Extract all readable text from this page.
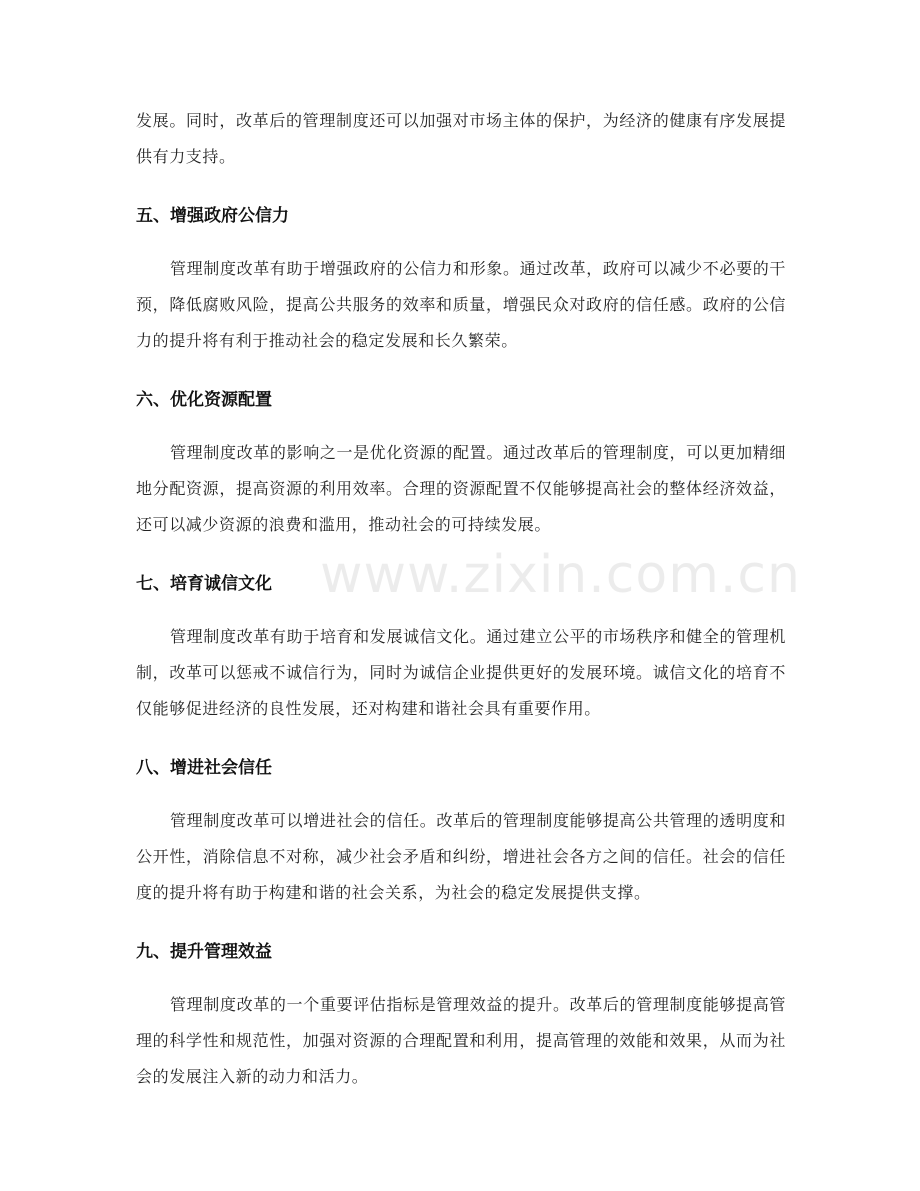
发展。同时，改革后的管理制度还可以加强对市场主体的保护，为经济的健康有序发展提供有力支持。

五、增强政府公信力

管理制度改革有助于增强政府的公信力和形象。通过改革，政府可以减少不必要的干预，降低腐败风险，提高公共服务的效率和质量，增强民众对政府的信任感。政府的公信力的提升将有利于推动社会的稳定发展和长久繁荣。

六、优化资源配置

管理制度改革的影响之一是优化资源的配置。通过改革后的管理制度，可以更加精细地分配资源，提高资源的利用效率。合理的资源配置不仅能够提高社会的整体经济效益，还可以减少资源的浪费和滥用，推动社会的可持续发展。

七、培育诚信文化

管理制度改革有助于培育和发展诚信文化。通过建立公平的市场秩序和健全的管理机制，改革可以惩戒不诚信行为，同时为诚信企业提供更好的发展环境。诚信文化的培育不仅能够促进经济的良性发展，还对构建和谐社会具有重要作用。

八、增进社会信任

管理制度改革可以增进社会的信任。改革后的管理制度能够提高公共管理的透明度和公开性，消除信息不对称，减少社会矛盾和纠纷，增进社会各方之间的信任。社会的信任度的提升将有助于构建和谐的社会关系，为社会的稳定发展提供支撑。

九、提升管理效益

管理制度改革的一个重要评估指标是管理效益的提升。改革后的管理制度能够提高管理的科学性和规范性，加强对资源的合理配置和利用，提高管理的效能和效果，从而为社会的发展注入新的动力和活力。

www.zixin.com.cn
